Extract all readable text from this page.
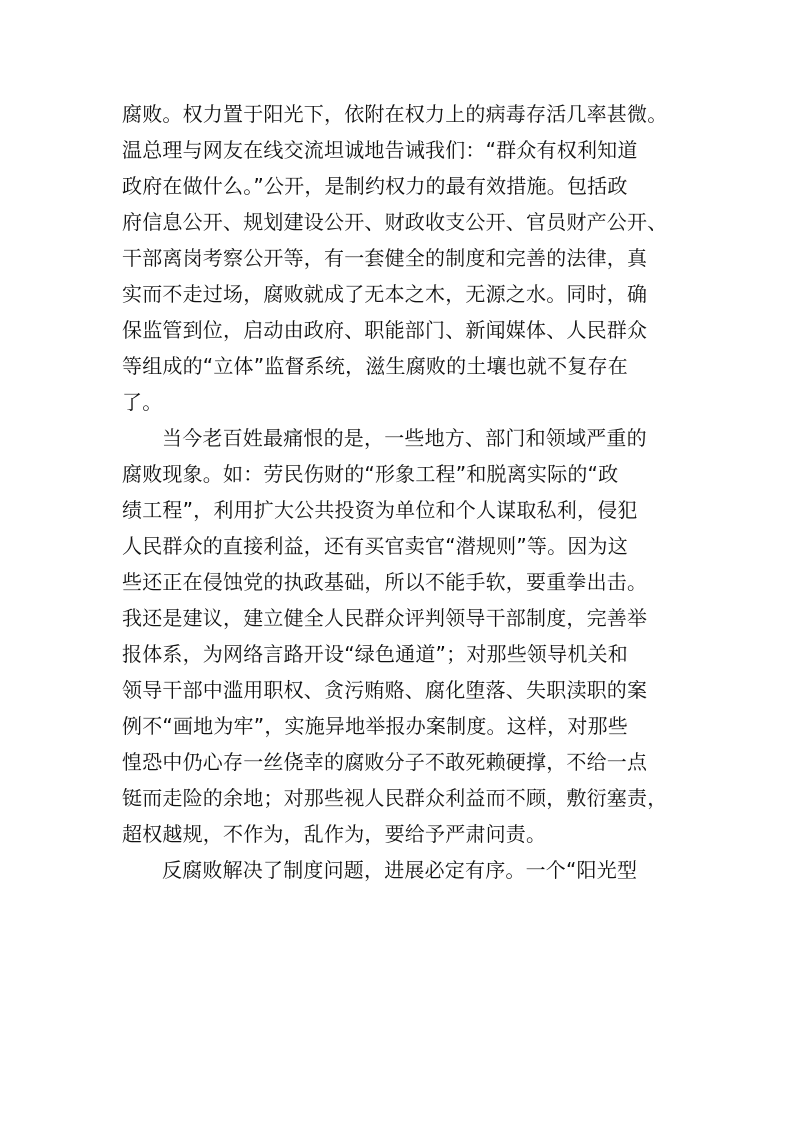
腐败。权力置于阳光下，依附在权力上的病毒存活几率甚微。
温总理与网友在线交流坦诚地告诫我们：“群众有权利知道
政府在做什么。”公开，是制约权力的最有效措施。包括政
府信息公开、规划建设公开、财政收支公开、官员财产公开、
干部离岗考察公开等，有一套健全的制度和完善的法律，真
实而不走过场，腐败就成了无本之木，无源之水。同时，确
保监管到位，启动由政府、职能部门、新闻媒体、人民群众
等组成的“立体”监督系统，滋生腐败的土壤也就不复存在
了。
当今老百姓最痛恨的是，一些地方、部门和领域严重的
腐败现象。如：劳民伤财的“形象工程”和脱离实际的“政
绩工程”，利用扩大公共投资为单位和个人谋取私利，侵犯
人民群众的直接利益，还有买官卖官“潜规则”等。因为这
些还正在侵蚀党的执政基础，所以不能手软，要重拳出击。
我还是建议，建立健全人民群众评判领导干部制度，完善举
报体系，为网络言路开设“绿色通道”；对那些领导机关和
领导干部中滥用职权、贪污贿赂、腐化堕落、失职渎职的案
例不“画地为牢”，实施异地举报办案制度。这样，对那些
惶恐中仍心存一丝侥幸的腐败分子不敢死赖硬撑，不给一点
铤而走险的余地；对那些视人民群众利益而不顾，敷衍塞责，
超权越规，不作为，乱作为，要给予严肃问责。
反腐败解决了制度问题，进展必定有序。一个“阳光型
